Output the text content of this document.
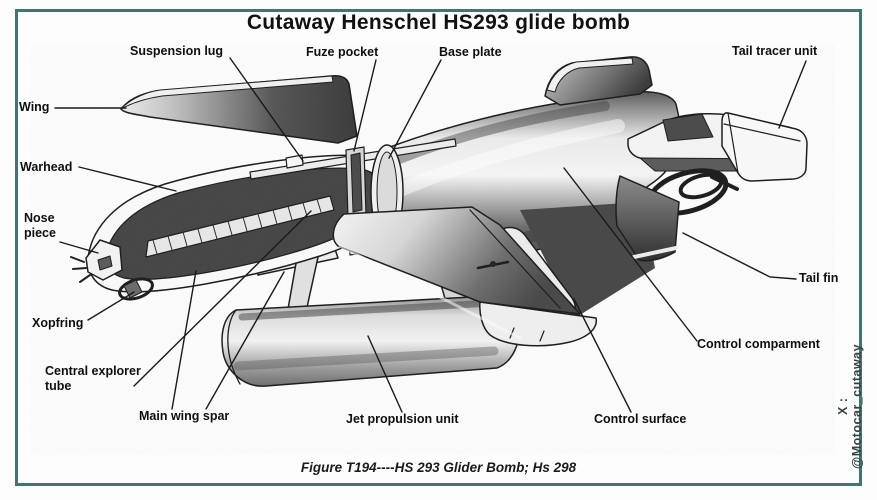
Cutaway Henschel HS293 glide bomb
Suspension lug	Fuze pocket	Base plate	Tail tracer unit
Wing
Warhead
Nose piece
Xopfring
Central explorer tube
Main wing spar	Jet propulsion unit	Control surface
Control comparment
Tail fin
Figure T194----HS 293 Glider Bomb; Hs 298
X : @Motocar_cutaway
